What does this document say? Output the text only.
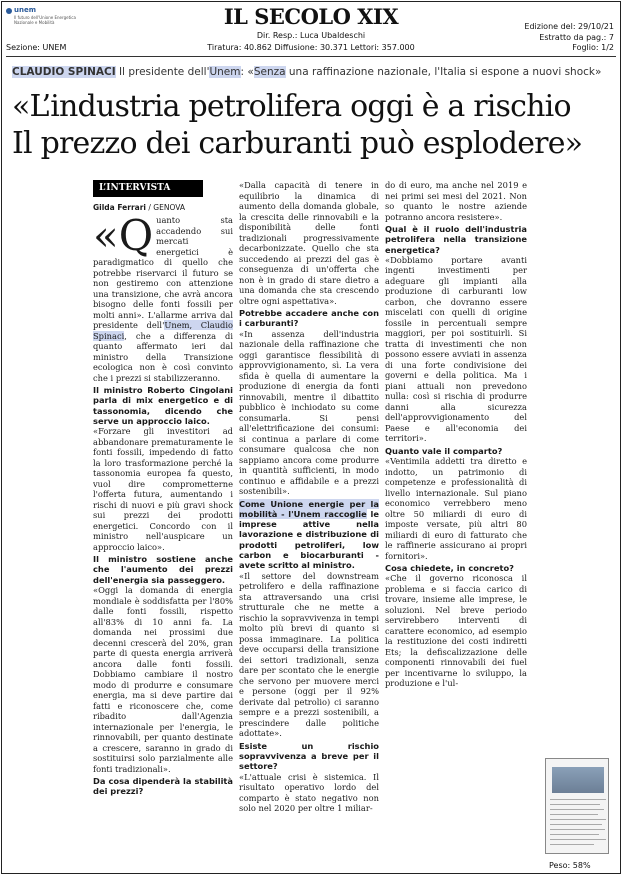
unem
Il futuro dell'Unione Energetica Nazionale e Mobilità	IL SECOLO XIX
Dir. Resp.: Luca Ubaldeschi
Tiratura: 40.862 Diffusione: 30.371 Lettori: 357.000
Sezione: UNEM
Edizione del: 29/10/21
Estratto da pag.: 7
Foglio: 1/2
CLAUDIO SPINACI Il presidente dell'Unem: «Senza una raffinazione nazionale, l'Italia si espone a nuovi shock»
«L’industria petrolifera oggi è a rischio
Il prezzo dei carburanti può esplodere»
L’INTERVISTA
Gilda Ferrari / GENOVA

«Quanto sta accadendo sui mercati energetici è paradigmatico di quello che potrebbe riservarci il futuro se non gestiremo con attenzione una transizione, che avrà ancora bisogno delle fonti fossili per molti anni». L'allarme arriva dal presidente dell'Unem, Claudio Spinaci, che a differenza di quanto affermato ieri dal ministro della Transizione ecologica non è così convinto che i prezzi si stabilizzeranno.

Il ministro Roberto Cingolani parla di mix energetico e di tassonomia, dicendo che serve un approccio laico.

«Forzare gli investitori ad abbandonare prematuramente le fonti fossili, impedendo di fatto la loro trasformazione perché la tassonomia europea fa questo, vuol dire comprometterne l'offerta futura, aumentando i rischi di nuovi e più gravi shock sui prezzi dei prodotti energetici. Concordo con il ministro nell'auspicare un approccio laico».

Il ministro sostiene anche che l'aumento dei prezzi dell'energia sia passeggero.

«Oggi la domanda di energia mondiale è soddisfatta per l'80% dalle fonti fossili, rispetto all'83% di 10 anni fa. La domanda nei prossimi due decenni crescerà del 20%, gran parte di questa energia arriverà ancora dalle fonti fossili. Dobbiamo cambiare il nostro modo di produrre e consumare energia, ma si deve partire dai fatti e riconoscere che, come ribadito dall'Agenzia internazionale per l'energia, le rinnovabili, per quanto destinate a crescere, saranno in grado di sostituirsi solo parzialmente alle fonti tradizionali».

Da cosa dipenderà la stabilità dei prezzi?

«Dalla capacità di tenere in equilibrio la dinamica di aumento della domanda globale, la crescita delle rinnovabili e la disponibilità delle fonti tradizionali progressivamente decarbonizzate. Quello che sta succedendo ai prezzi del gas è conseguenza di un'offerta che non è in grado di stare dietro a una domanda che sta crescendo oltre ogni aspettativa».

Potrebbe accadere anche con i carburanti?

«In assenza dell'industria nazionale della raffinazione che oggi garantisce flessibilità di approvvigionamento, sì. La vera sfida è quella di aumentare la produzione di energia da fonti rinnovabili, mentre il dibattito pubblico è inchiodato su come consumarla. Si pensi all'elettrificazione dei consumi: si continua a parlare di come consumare qualcosa che non sappiamo ancora come produrre in quantità sufficienti, in modo continuo e affidabile e a prezzi sostenibili».

Come Unione energie per la mobilità - l'Unem raccoglie le imprese attive nella lavorazione e distribuzione di prodotti petroliferi, low carbon e biocarburanti - avete scritto al ministro.

«Il settore del downstream petrolifero e della raffinazione sta attraversando una crisi strutturale che ne mette a rischio la sopravvivenza in tempi molto più brevi di quanto si possa immaginare. La politica deve occuparsi della transizione dei settori tradizionali, senza dare per scontato che le energie che servono per muovere merci e persone (oggi per il 92% derivate dal petrolio) ci saranno sempre e a prezzi sostenibili, a prescindere dalle politiche adottate».

Esiste un rischio sopravvivenza a breve per il settore?

«L'attuale crisi è sistemica. Il risultato operativo lordo del comparto è stato negativo non solo nel 2020 per oltre 1 miliar-

do di euro, ma anche nel 2019 e nei primi sei mesi del 2021. Non so quanto le nostre aziende potranno ancora resistere».

Qual è il ruolo dell'industria petrolifera nella transizione energetica?

«Dobbiamo portare avanti ingenti investimenti per adeguare gli impianti alla produzione di carburanti low carbon, che dovranno essere miscelati con quelli di origine fossile in percentuali sempre maggiori, per poi sostituirli. Si tratta di investimenti che non possono essere avviati in assenza di una forte condivisione dei governi e della politica. Ma i piani attuali non prevedono nulla: così si rischia di produrre danni alla sicurezza dell'approvvigionamento del Paese e all'economia dei territori».

Quanto vale il comparto?

«Ventimila addetti tra diretto e indotto, un patrimonio di competenze e professionalità di livello internazionale. Sul piano economico verrebbero meno oltre 50 miliardi di euro di imposte versate, più altri 80 miliardi di euro di fatturato che le raffinerie assicurano ai propri fornitori».

Cosa chiedete, in concreto?

«Che il governo riconosca il problema e si faccia carico di trovare, insieme alle imprese, le soluzioni. Nel breve periodo servirebbero interventi di carattere economico, ad esempio la restituzione dei costi indiretti Ets; la defiscalizzazione delle componenti rinnovabili dei fuel per incentivarne lo sviluppo, la produzione e l'ul-

Peso: 58%
